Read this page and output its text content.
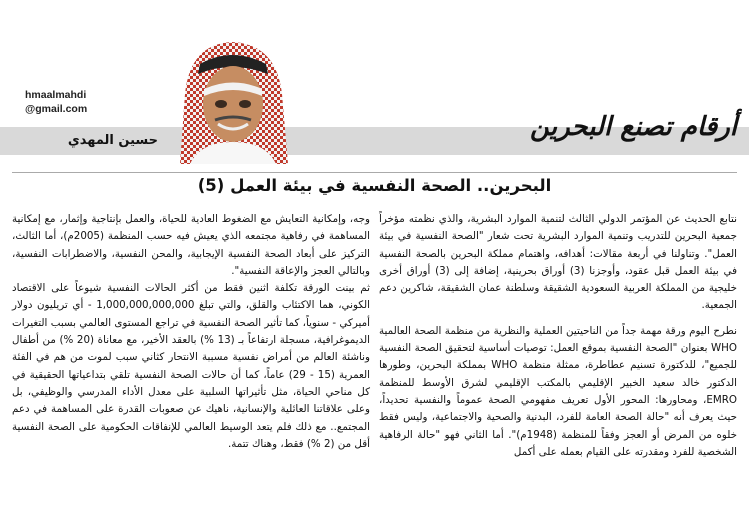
hmaalmahdi
@gmail.com
حسين المهدي	أرقام تصنع البحرين
البحرين.. الصحة النفسية في بيئة العمل (5)

نتابع الحديث عن المؤتمر الدولي الثالث لتنمية الموارد البشرية، والذي نظمته مؤخراً جمعية البحرين للتدريب وتنمية الموارد البشرية تحت شعار "الصحة النفسية في بيئة العمل". وتناولنا في أربعة مقالات: أهدافه، واهتمام مملكة البحرين بالصحة النفسية في بيئة العمل قبل عقود، وأوجزنا (3) أوراق بحرينية، إضافة إلى (3) أوراق أخرى خليجية من المملكة العربية السعودية الشقيقة وسلطنة عمان الشقيقة، شاكرين دعم الجمعية.

نطرح اليوم ورقة مهمة جداً من الناحيتين العملية والنظرية من منظمة الصحة العالمية WHO بعنوان "الصحة النفسية بموقع العمل: توصيات أساسية لتحقيق الصحة النفسية للجميع"، للدكتورة تسنيم عطاطرة، ممثلة منظمة WHO بمملكة البحرين، وطورها الدكتور خالد سعيد الخبير الإقليمي بالمكتب الإقليمي لشرق الأوسط للمنظمة EMRO، ومحاورها: المحور الأول تعريف مفهومي الصحة عموماً والنفسية تحديداً، حيث يعرف أنه "حالة الصحة العامة للفرد، البدنية والصحية والاجتماعية، وليس فقط خلوه من المرض أو العجز وفقاً للمنظمة (1948م)". أما الثاني فهو "حالة الرفاهية الشخصية للفرد ومقدرته على القيام بعمله على أكمل

وجه، وإمكانية التعايش مع الضغوط العادية للحياة، والعمل بإنتاجية وإثمار، مع إمكانية المساهمة في رفاهية مجتمعه الذي يعيش فيه حسب المنظمة (2005م)، أما الثالث، التركيز على أبعاد الصحة النفسية الإيجابية، والمحن النفسية، والاضطرابات النفسية، وبالتالي العجز والإعاقة النفسية".

ثم بينت الورقة تكلفة اثنين فقط من أكثر الحالات النفسية شيوعاً على الاقتصاد الكوني، هما الاكتئاب والقلق، والتي تبلغ 1,000,000,000,000 - أي تريليون دولار أميركي - سنوياً، كما تأثير الصحة النفسية في تراجع المستوى العالمي بسبب التغيرات الديموغرافية، مسجلة ارتفاعاً بـ (13 %) بالعقد الأخير، مع معاناة (20 %) من أطفال وناشئة العالم من أمراض نفسية مسببة الانتحار كثاني سبب لموت من هم في الفئة العمرية (15 - 29) عاماً، كما أن حالات الصحة النفسية تلقي بتداعياتها الحقيقية في كل مناحي الحياة، مثل تأثيراتها السلبية على معدل الأداء المدرسي والوظيفي، بل وعلى علاقاتنا العائلية والإنسانية، ناهيك عن صعوبات القدرة على المساهمة في دعم المجتمع.. مع ذلك فلم يتعد الوسيط العالمي للإنفاقات الحكومية على الصحة النفسية أقل من (2 %) فقط، وهناك تتمة.
